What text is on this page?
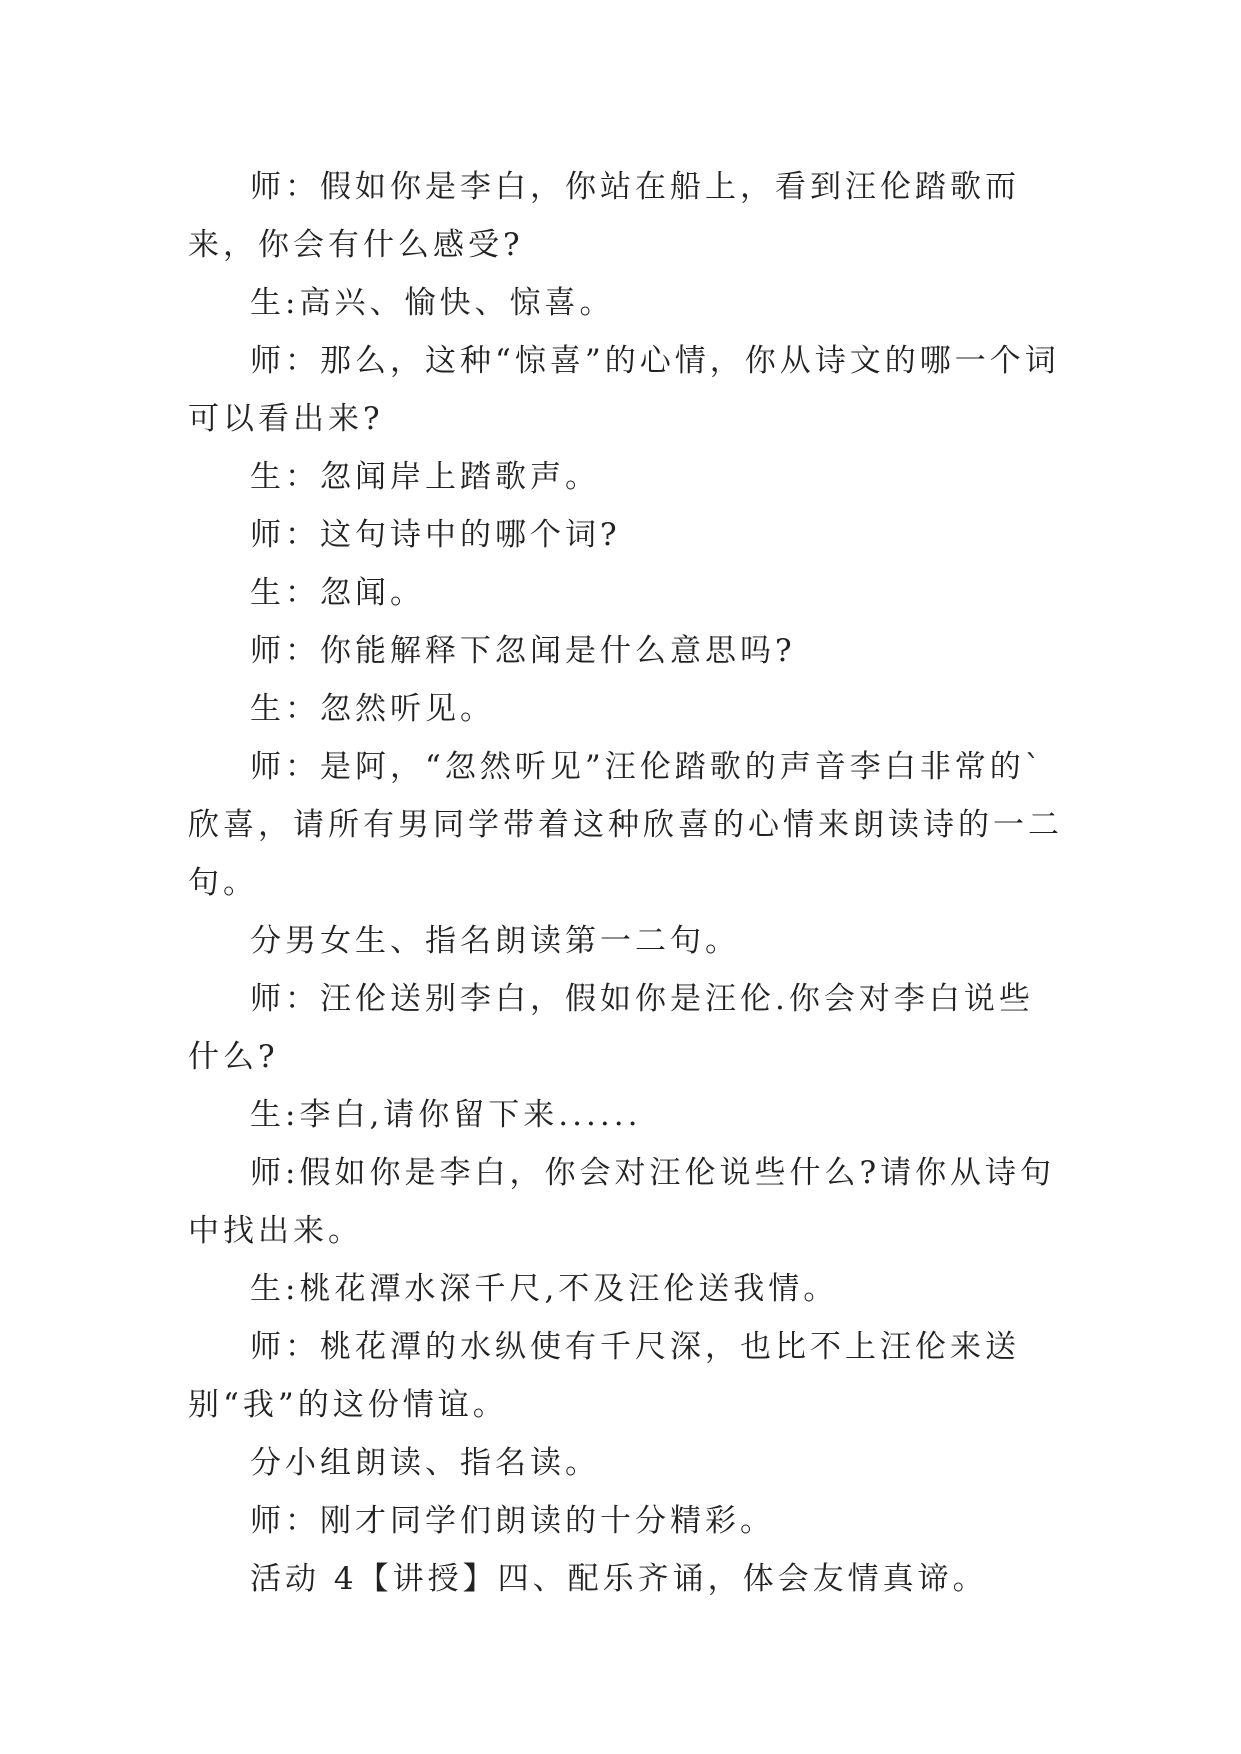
师：假如你是李白，你站在船上，看到汪伦踏歌而来，你会有什么感受?

生:高兴、愉快、惊喜。

师：那么，这种“惊喜”的心情，你从诗文的哪一个词可以看出来?

生：忽闻岸上踏歌声。

师：这句诗中的哪个词?

生：忽闻。

师：你能解释下忽闻是什么意思吗?

生：忽然听见。

师：是阿，“忽然听见”汪伦踏歌的声音李白非常的`欣喜，请所有男同学带着这种欣喜的心情来朗读诗的一二句。

分男女生、指名朗读第一二句。

师：汪伦送别李白，假如你是汪伦.你会对李白说些什么?

生:李白,请你留下来......

师:假如你是李白，你会对汪伦说些什么?请你从诗句中找出来。

生:桃花潭水深千尺,不及汪伦送我情。

师：桃花潭的水纵使有千尺深，也比不上汪伦来送别“我”的这份情谊。

分小组朗读、指名读。

师：刚才同学们朗读的十分精彩。

活动 4【讲授】四、配乐齐诵，体会友情真谛。
